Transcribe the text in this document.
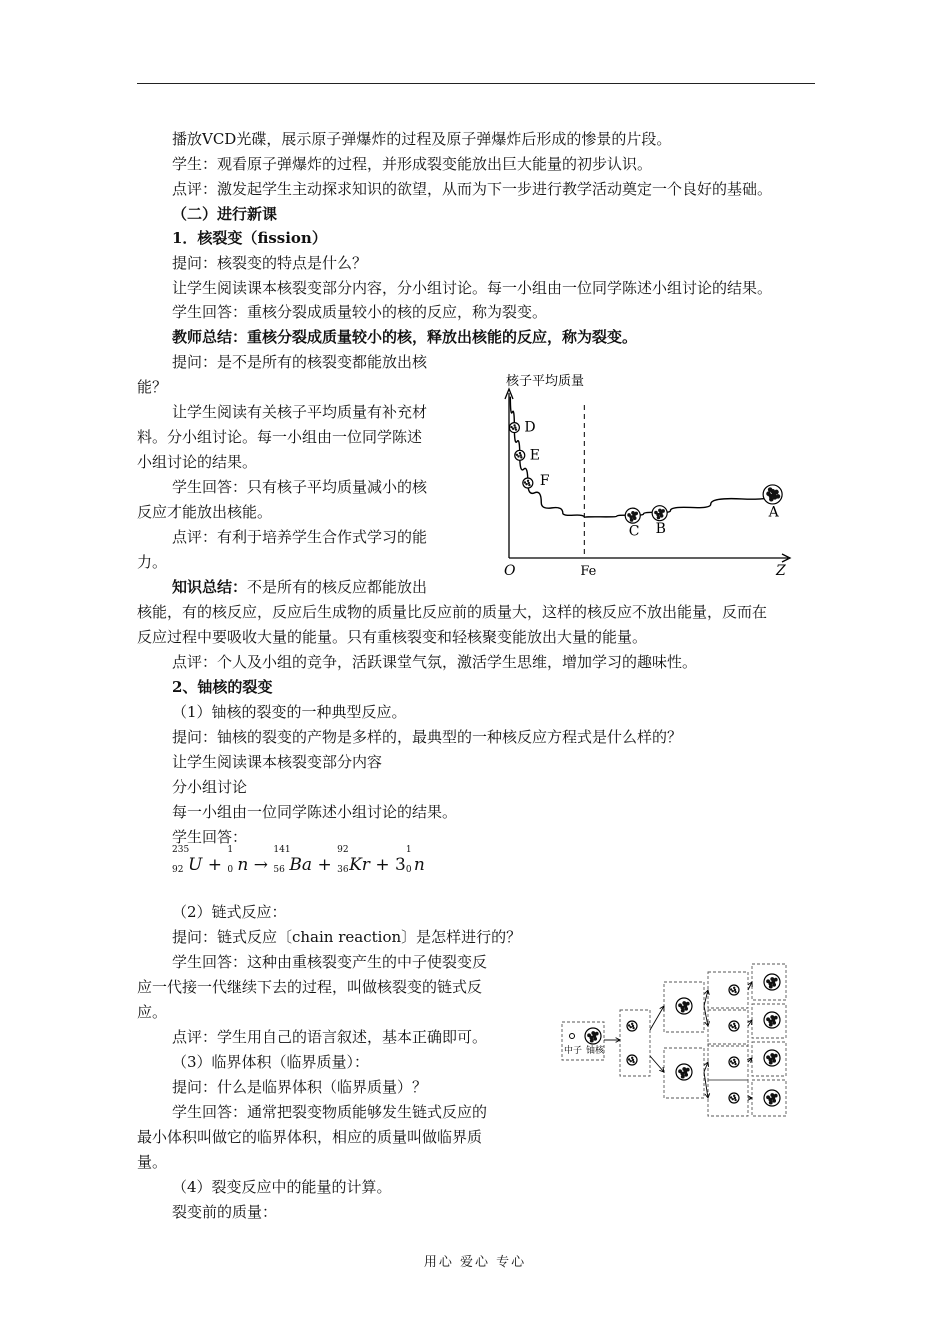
播放VCD光碟，展示原子弹爆炸的过程及原子弹爆炸后形成的惨景的片段。
学生：观看原子弹爆炸的过程，并形成裂变能放出巨大能量的初步认识。
点评：激发起学生主动探求知识的欲望，从而为下一步进行教学活动奠定一个良好的基础。
（二）进行新课
1．核裂变（fission）
提问：核裂变的特点是什么？
让学生阅读课本核裂变部分内容，分小组讨论。每一小组由一位同学陈述小组讨论的结果。
学生回答：重核分裂成质量较小的核的反应，称为裂变。
教师总结：重核分裂成质量较小的核，释放出核能的反应，称为裂变。
提问：是不是所有的核裂变都能放出核
能？
让学生阅读有关核子平均质量有补充材
料。分小组讨论。每一小组由一位同学陈述
小组讨论的结果。
学生回答：只有核子平均质量减小的核
反应才能放出核能。
点评：有利于培养学生合作式学习的能
力。
知识总结：不是所有的核反应都能放出
核能，有的核反应，反应后生成物的质量比反应前的质量大，这样的核反应不放出能量，反而在
反应过程中要吸收大量的能量。只有重核裂变和轻核聚变能放出大量的能量。
点评：个人及小组的竞争，活跃课堂气氛，激活学生思维，增加学习的趣味性。
2、铀核的裂变
（1）铀核的裂变的一种典型反应。
提问：铀核的裂变的产物是多样的，最典型的一种核反应方程式是什么样的？
让学生阅读课本核裂变部分内容
分小组讨论
每一小组由一位同学陈述小组讨论的结果。
学生回答：
235
92 U +
1
0 n →
141
56 Ba +
92
36 Kr + 3
1
0 n
（2）链式反应：
提问：链式反应〔chain reaction〕是怎样进行的？
学生回答：这种由重核裂变产生的中子使裂变反
应一代接一代继续下去的过程，叫做核裂变的链式反
应。
点评：学生用自己的语言叙述，基本正确即可。
（3）临界体积（临界质量）：
提问：什么是临界体积（临界质量）？
学生回答：通常把裂变物质能够发生链式反应的
最小体积叫做它的临界体积，相应的质量叫做临界质
量。
（4）裂变反应中的能量的计算。
裂变前的质量：
核子平均质量
D
E
F
C B
A
O	Fe	Z
中子 铀核
用心 爱心 专心
